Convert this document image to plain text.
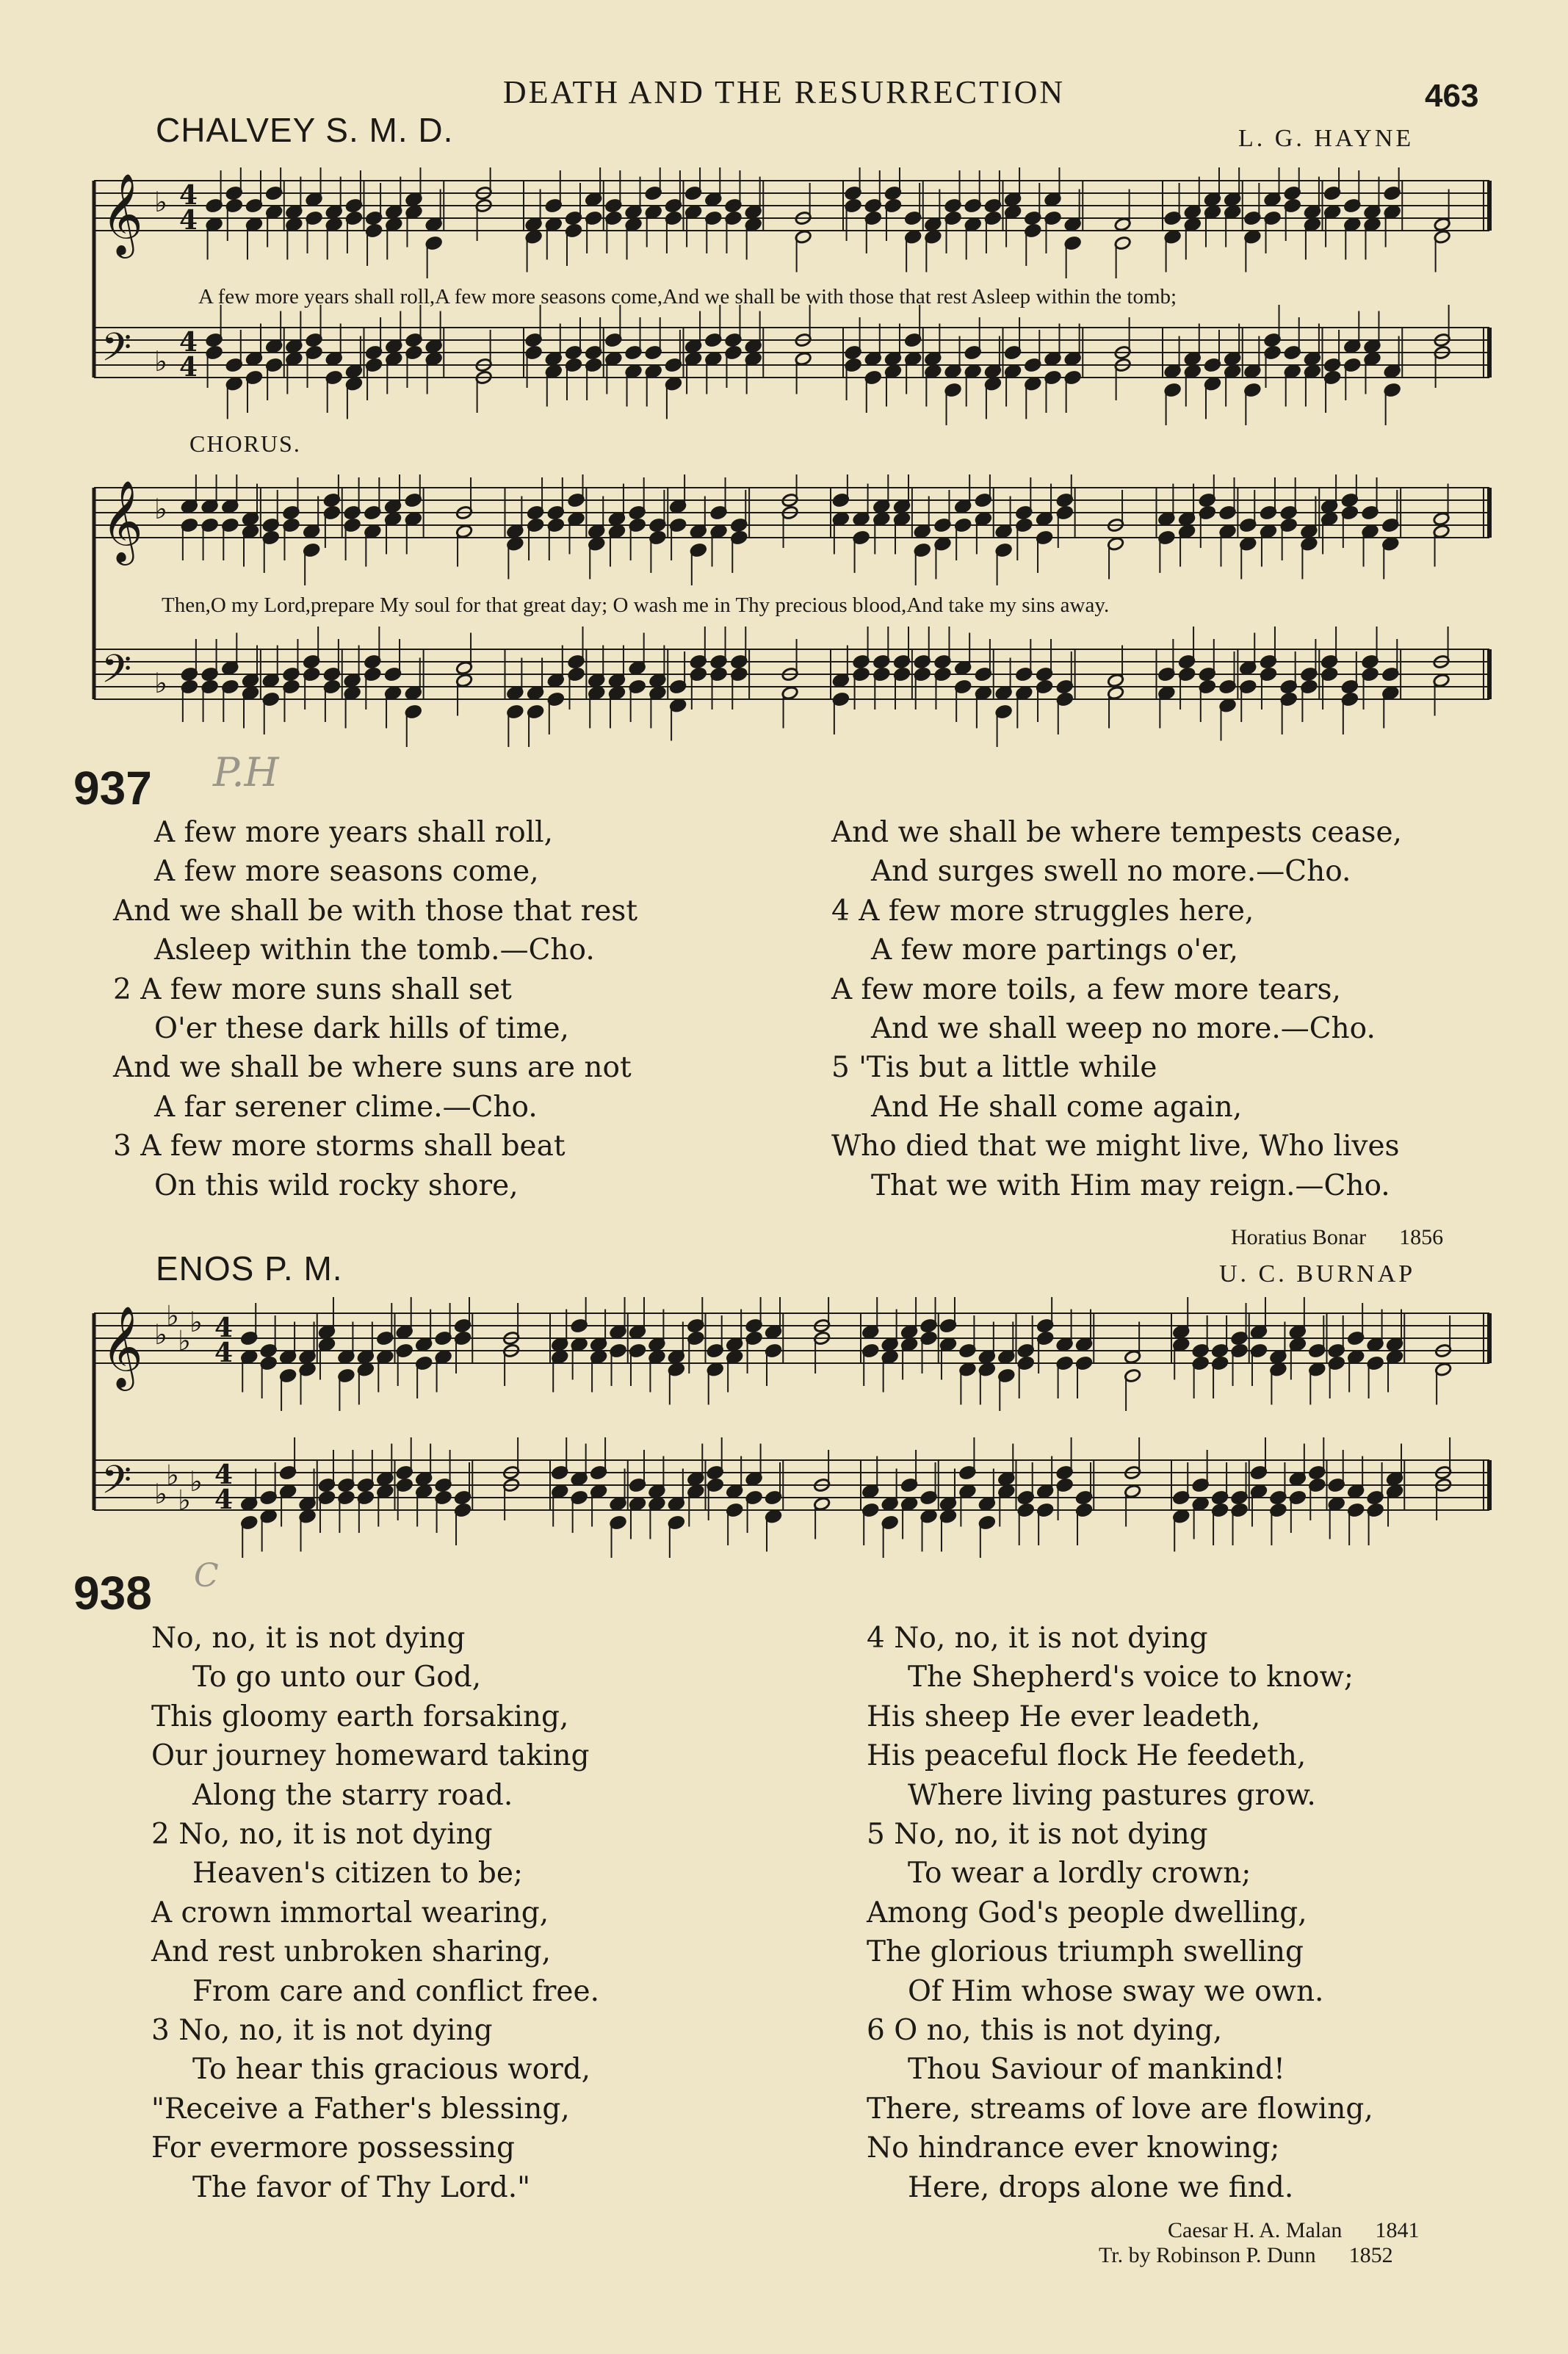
DEATH AND THE RESURRECTION	463
CHALVEY S. M. D.	L. G. HAYNE
𝄞 ♭ 4
4
𝄢 ♭
4
4
A few more years shall roll,A few more seasons come,And we shall be with those that rest Asleep within the tomb;
CHORUS.
𝄞 ♭
𝄢 ♭
Then,O my Lord,prepare My soul for that great day; O wash me in Thy precious blood,And take my sins away.
937 P.H

A few more years shall roll,

A few more seasons come,

And we shall be with those that rest

Asleep within the tomb.—Cho.

2 A few more suns shall set

O'er these dark hills of time,

And we shall be where suns are not

A far serener clime.—Cho.

3 A few more storms shall beat

On this wild rocky shore,

And we shall be where tempests cease,

And surges swell no more.—Cho.

4 A few more struggles here,

A few more partings o'er,

A few more toils, a few more tears,

And we shall weep no more.—Cho.

5 'Tis but a little while

And He shall come again,

Who died that we might live, Who lives

That we with Him may reign.—Cho.

Horatius Bonar 1856
ENOS P. M.	U. C. BURNAP
𝄞 ♭
♭
♭
♭ 4
4
𝄢 ♭
♭
♭
♭ 4
4
938 C

No, no, it is not dying

To go unto our God,

This gloomy earth forsaking,

Our journey homeward taking

Along the starry road.

2 No, no, it is not dying

Heaven's citizen to be;

A crown immortal wearing,

And rest unbroken sharing,

From care and conflict free.

3 No, no, it is not dying

To hear this gracious word,

"Receive a Father's blessing,

For evermore possessing

The favor of Thy Lord."

4 No, no, it is not dying

The Shepherd's voice to know;

His sheep He ever leadeth,

His peaceful flock He feedeth,

Where living pastures grow.

5 No, no, it is not dying

To wear a lordly crown;

Among God's people dwelling,

The glorious triumph swelling

Of Him whose sway we own.

6 O no, this is not dying,

Thou Saviour of mankind!

There, streams of love are flowing,

No hindrance ever knowing;

Here, drops alone we find.

Caesar H. A. Malan 1841
Tr. by Robinson P. Dunn 1852
